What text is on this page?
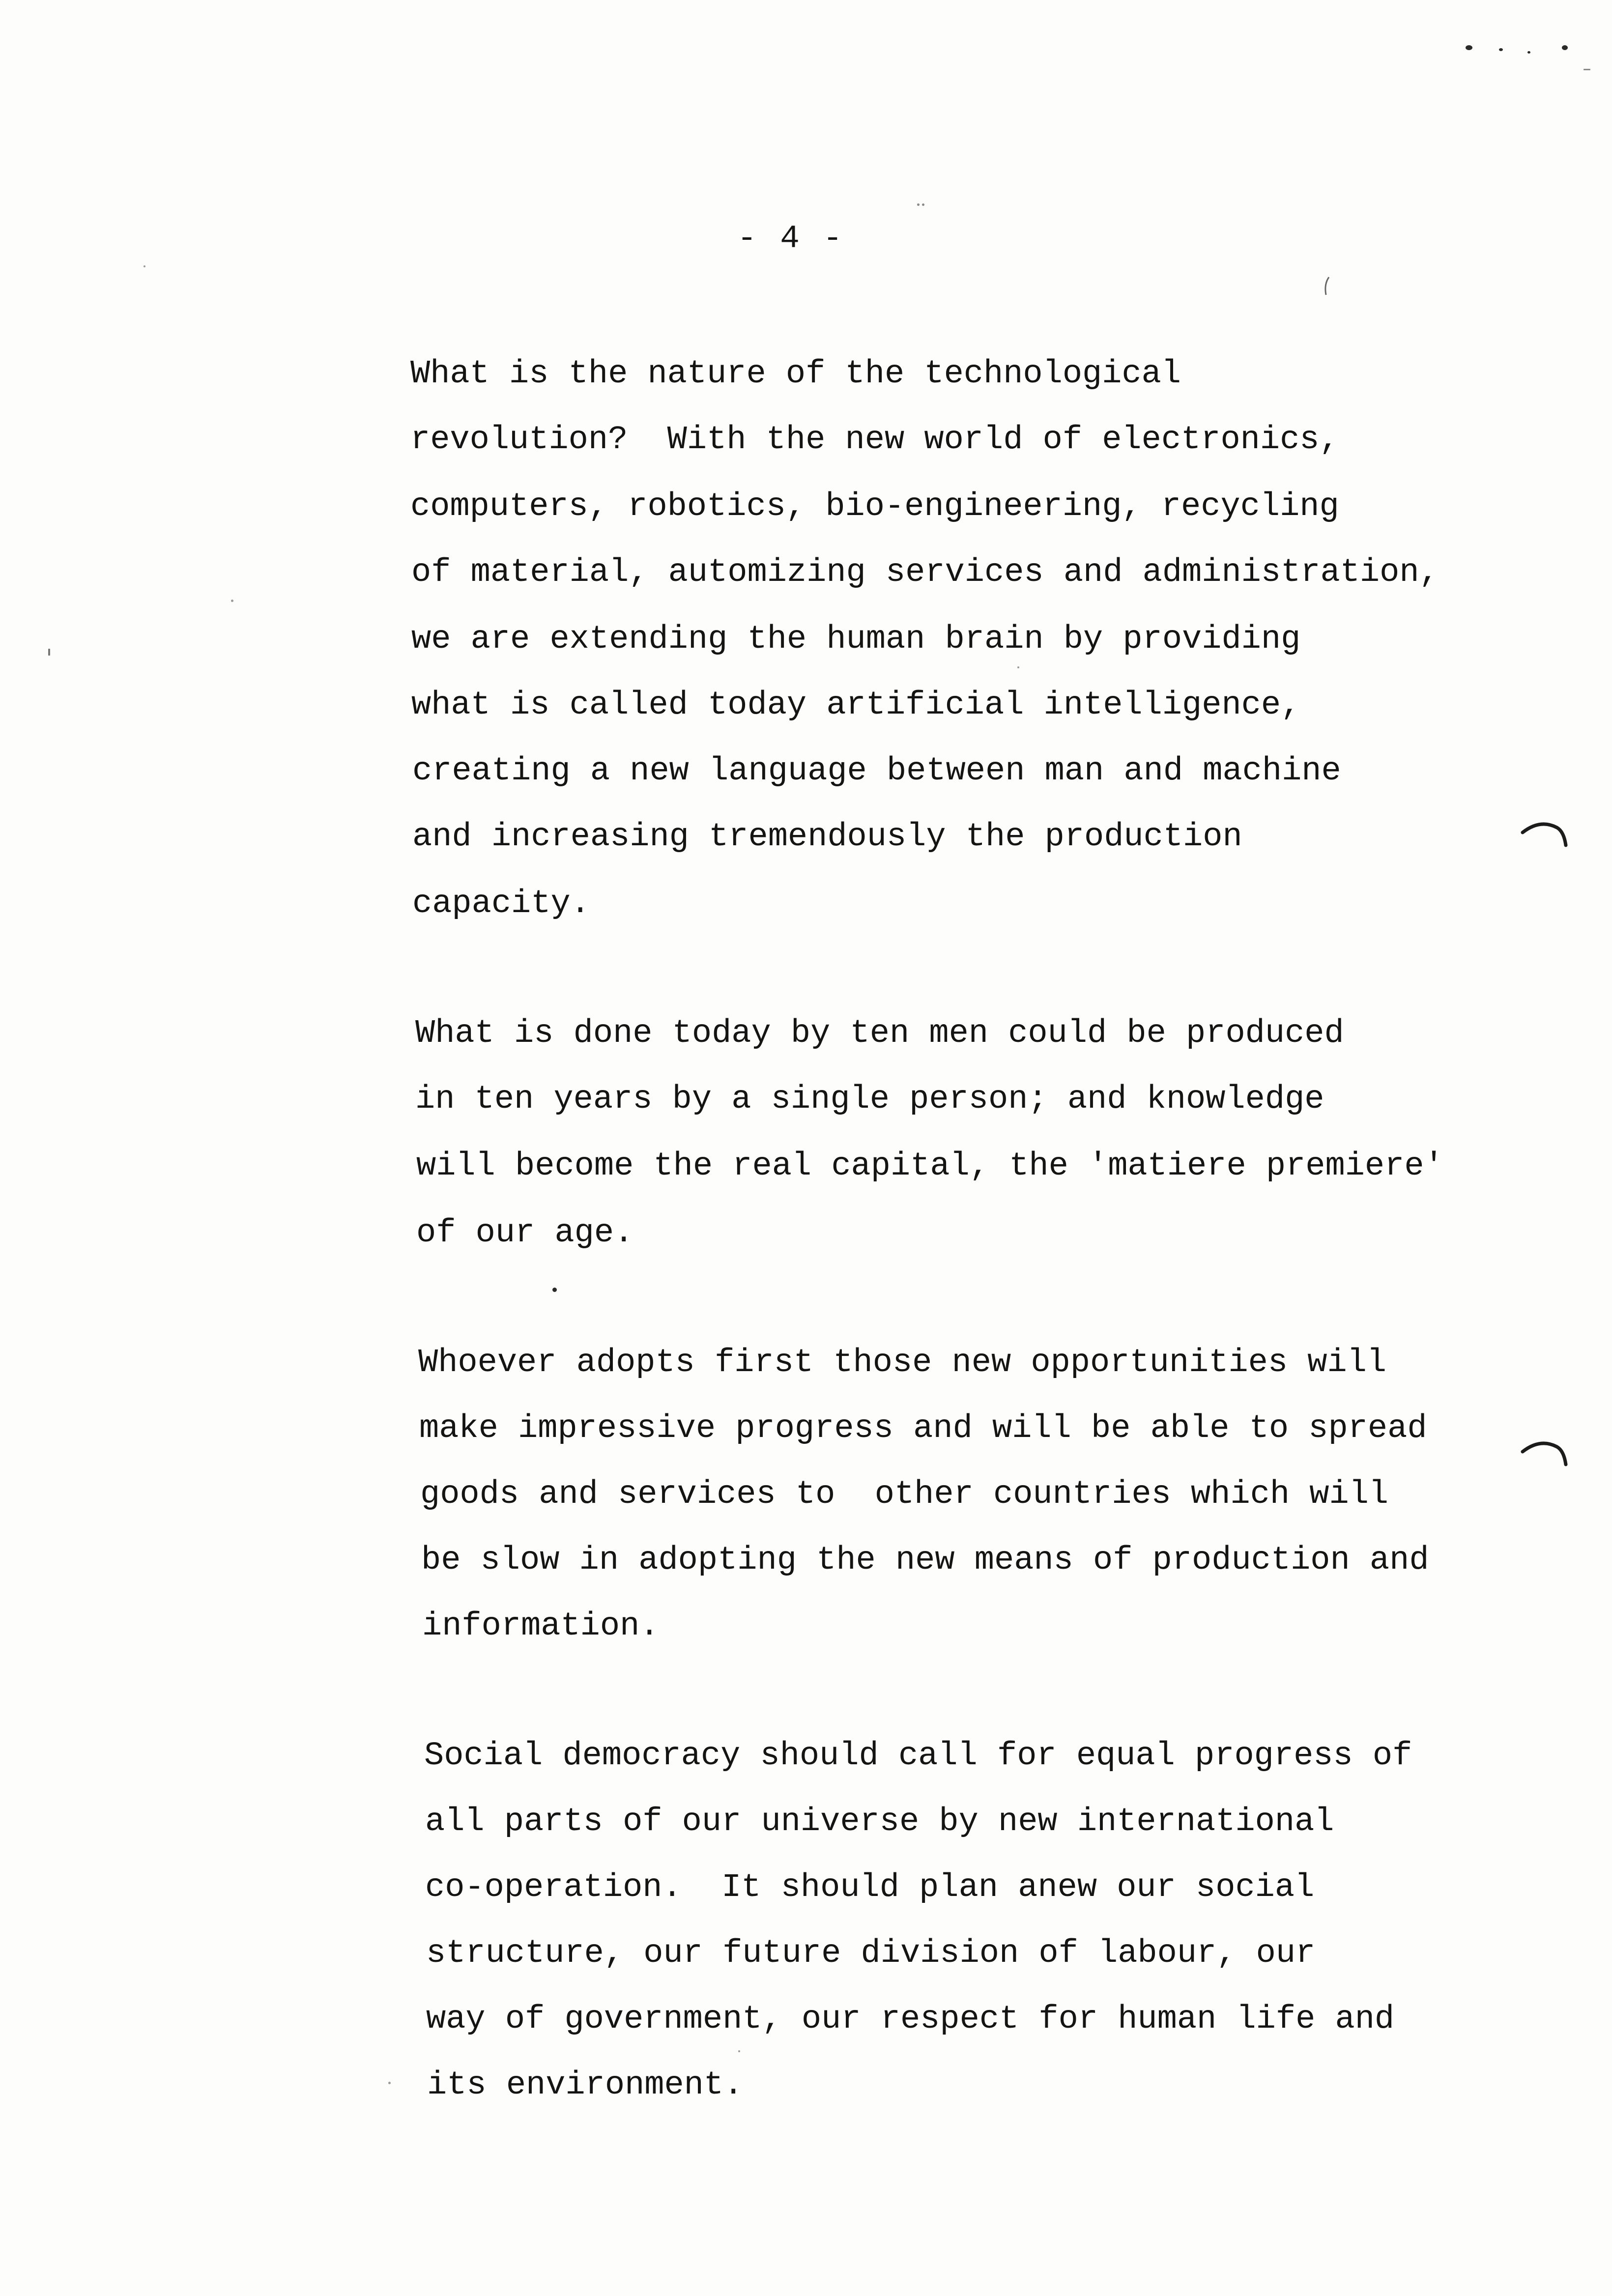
- 4 -
What is the nature of the technological
revolution?  With the new world of electronics,
computers, robotics, bio-engineering, recycling
of material, automizing services and administration,
we are extending the human brain by providing
what is called today artificial intelligence,
creating a new language between man and machine
and increasing tremendously the production
capacity.
What is done today by ten men could be produced
in ten years by a single person; and knowledge
will become the real capital, the 'matiere premiere'
of our age.
Whoever adopts first those new opportunities will
make impressive progress and will be able to spread
goods and services to  other countries which will
be slow in adopting the new means of production and
information.
Social democracy should call for equal progress of
all parts of our universe by new international
co-operation.  It should plan anew our social
structure, our future division of labour, our
way of government, our respect for human life and
its environment.
